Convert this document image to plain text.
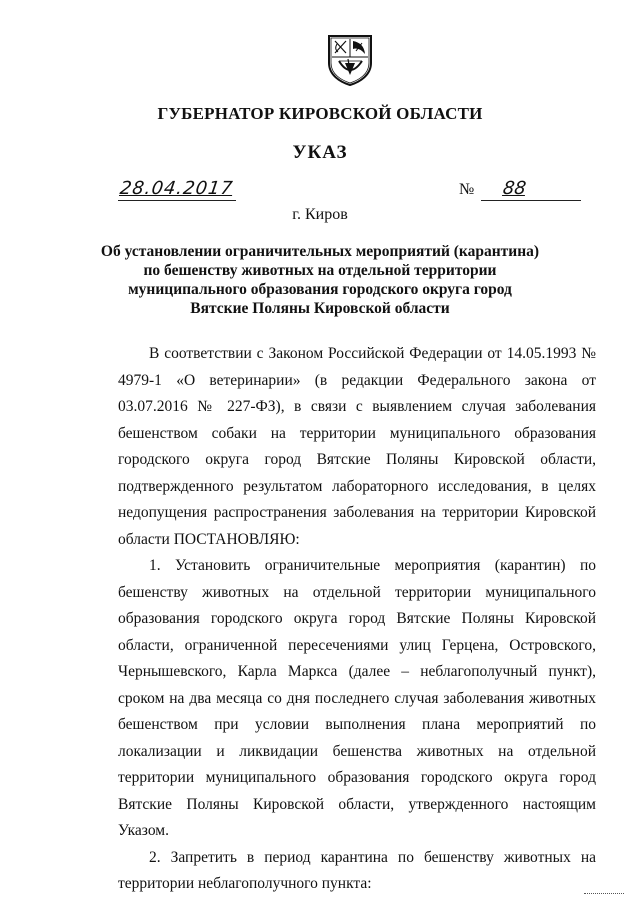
ГУБЕРНАТОР КИРОВСКОЙ ОБЛАСТИ
УКАЗ
28.04.2017	№ 88
г. Киров
Об установлении ограничительных мероприятий (карантина) по бешенству животных на отдельной территории муниципального образования городского округа город Вятские Поляны Кировской области

В соответствии с Законом Российской Федерации от 14.05.1993 № 4979-1 «О ветеринарии» (в редакции Федерального закона от 03.07.2016 № 227-ФЗ), в связи с выявлением случая заболевания бешенством собаки на территории муниципального образования городского округа город Вятские Поляны Кировской области, подтвержденного результатом лабораторного исследования, в целях недопущения распространения заболевания на территории Кировской области ПОСТАНОВЛЯЮ:

1. Установить ограничительные мероприятия (карантин) по бешенству животных на отдельной территории муниципального образования городского округа город Вятские Поляны Кировской области, ограниченной пересечениями улиц Герцена, Островского, Чернышевского, Карла Маркса (далее – неблагополучный пункт), сроком на два месяца со дня последнего случая заболевания животных бешенством при условии выполнения плана мероприятий по локализации и ликвидации бешенства животных на отдельной территории муниципального образования городского округа город Вятские Поляны Кировской области, утвержденного настоящим Указом.

2. Запретить в период карантина по бешенству животных на территории неблагополучного пункта:
